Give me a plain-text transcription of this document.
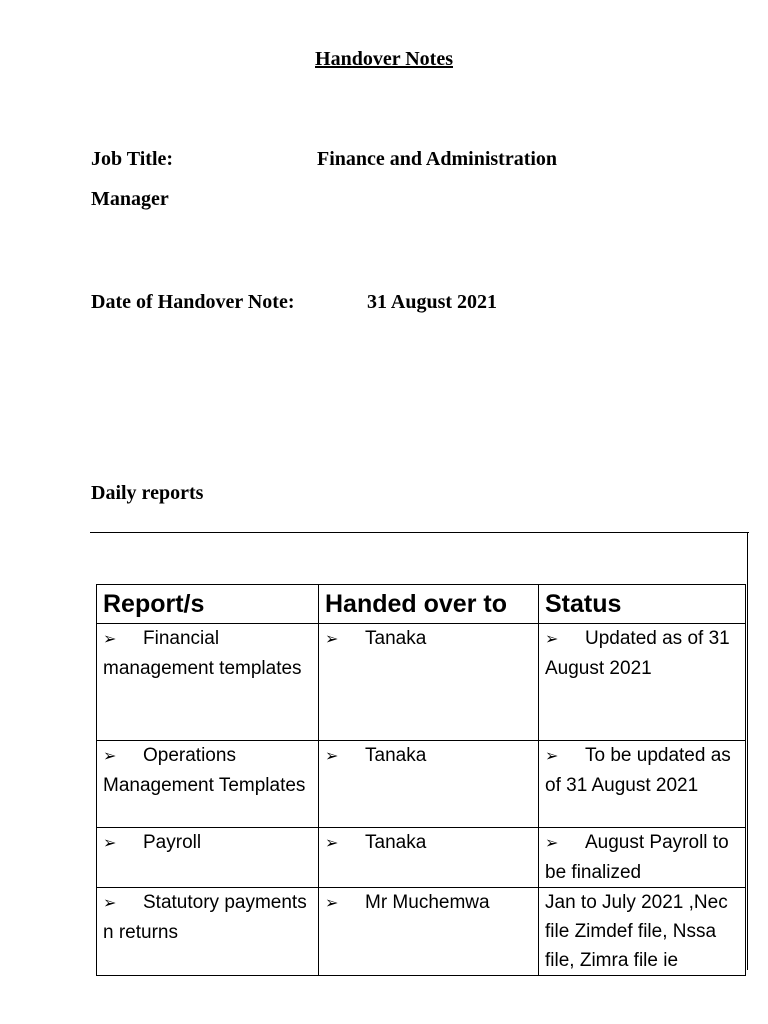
Handover Notes
Job Title:	Finance and Administration
Manager
Date of Handover Note:	31 August 2021
Daily reports
Report/s	Handed over to	Status
➢ Financial management templates	➢ Tanaka	➢ Updated as of 31 August 2021
➢ Operations Management Templates	➢ Tanaka	➢ To be updated as of 31 August 2021
➢ Payroll	➢ Tanaka	➢ August Payroll to be finalized
➢ Statutory payments n returns	➢ Mr Muchemwa	Jan to July 2021 ,Nec file Zimdef file, Nssa file, Zimra file ie
